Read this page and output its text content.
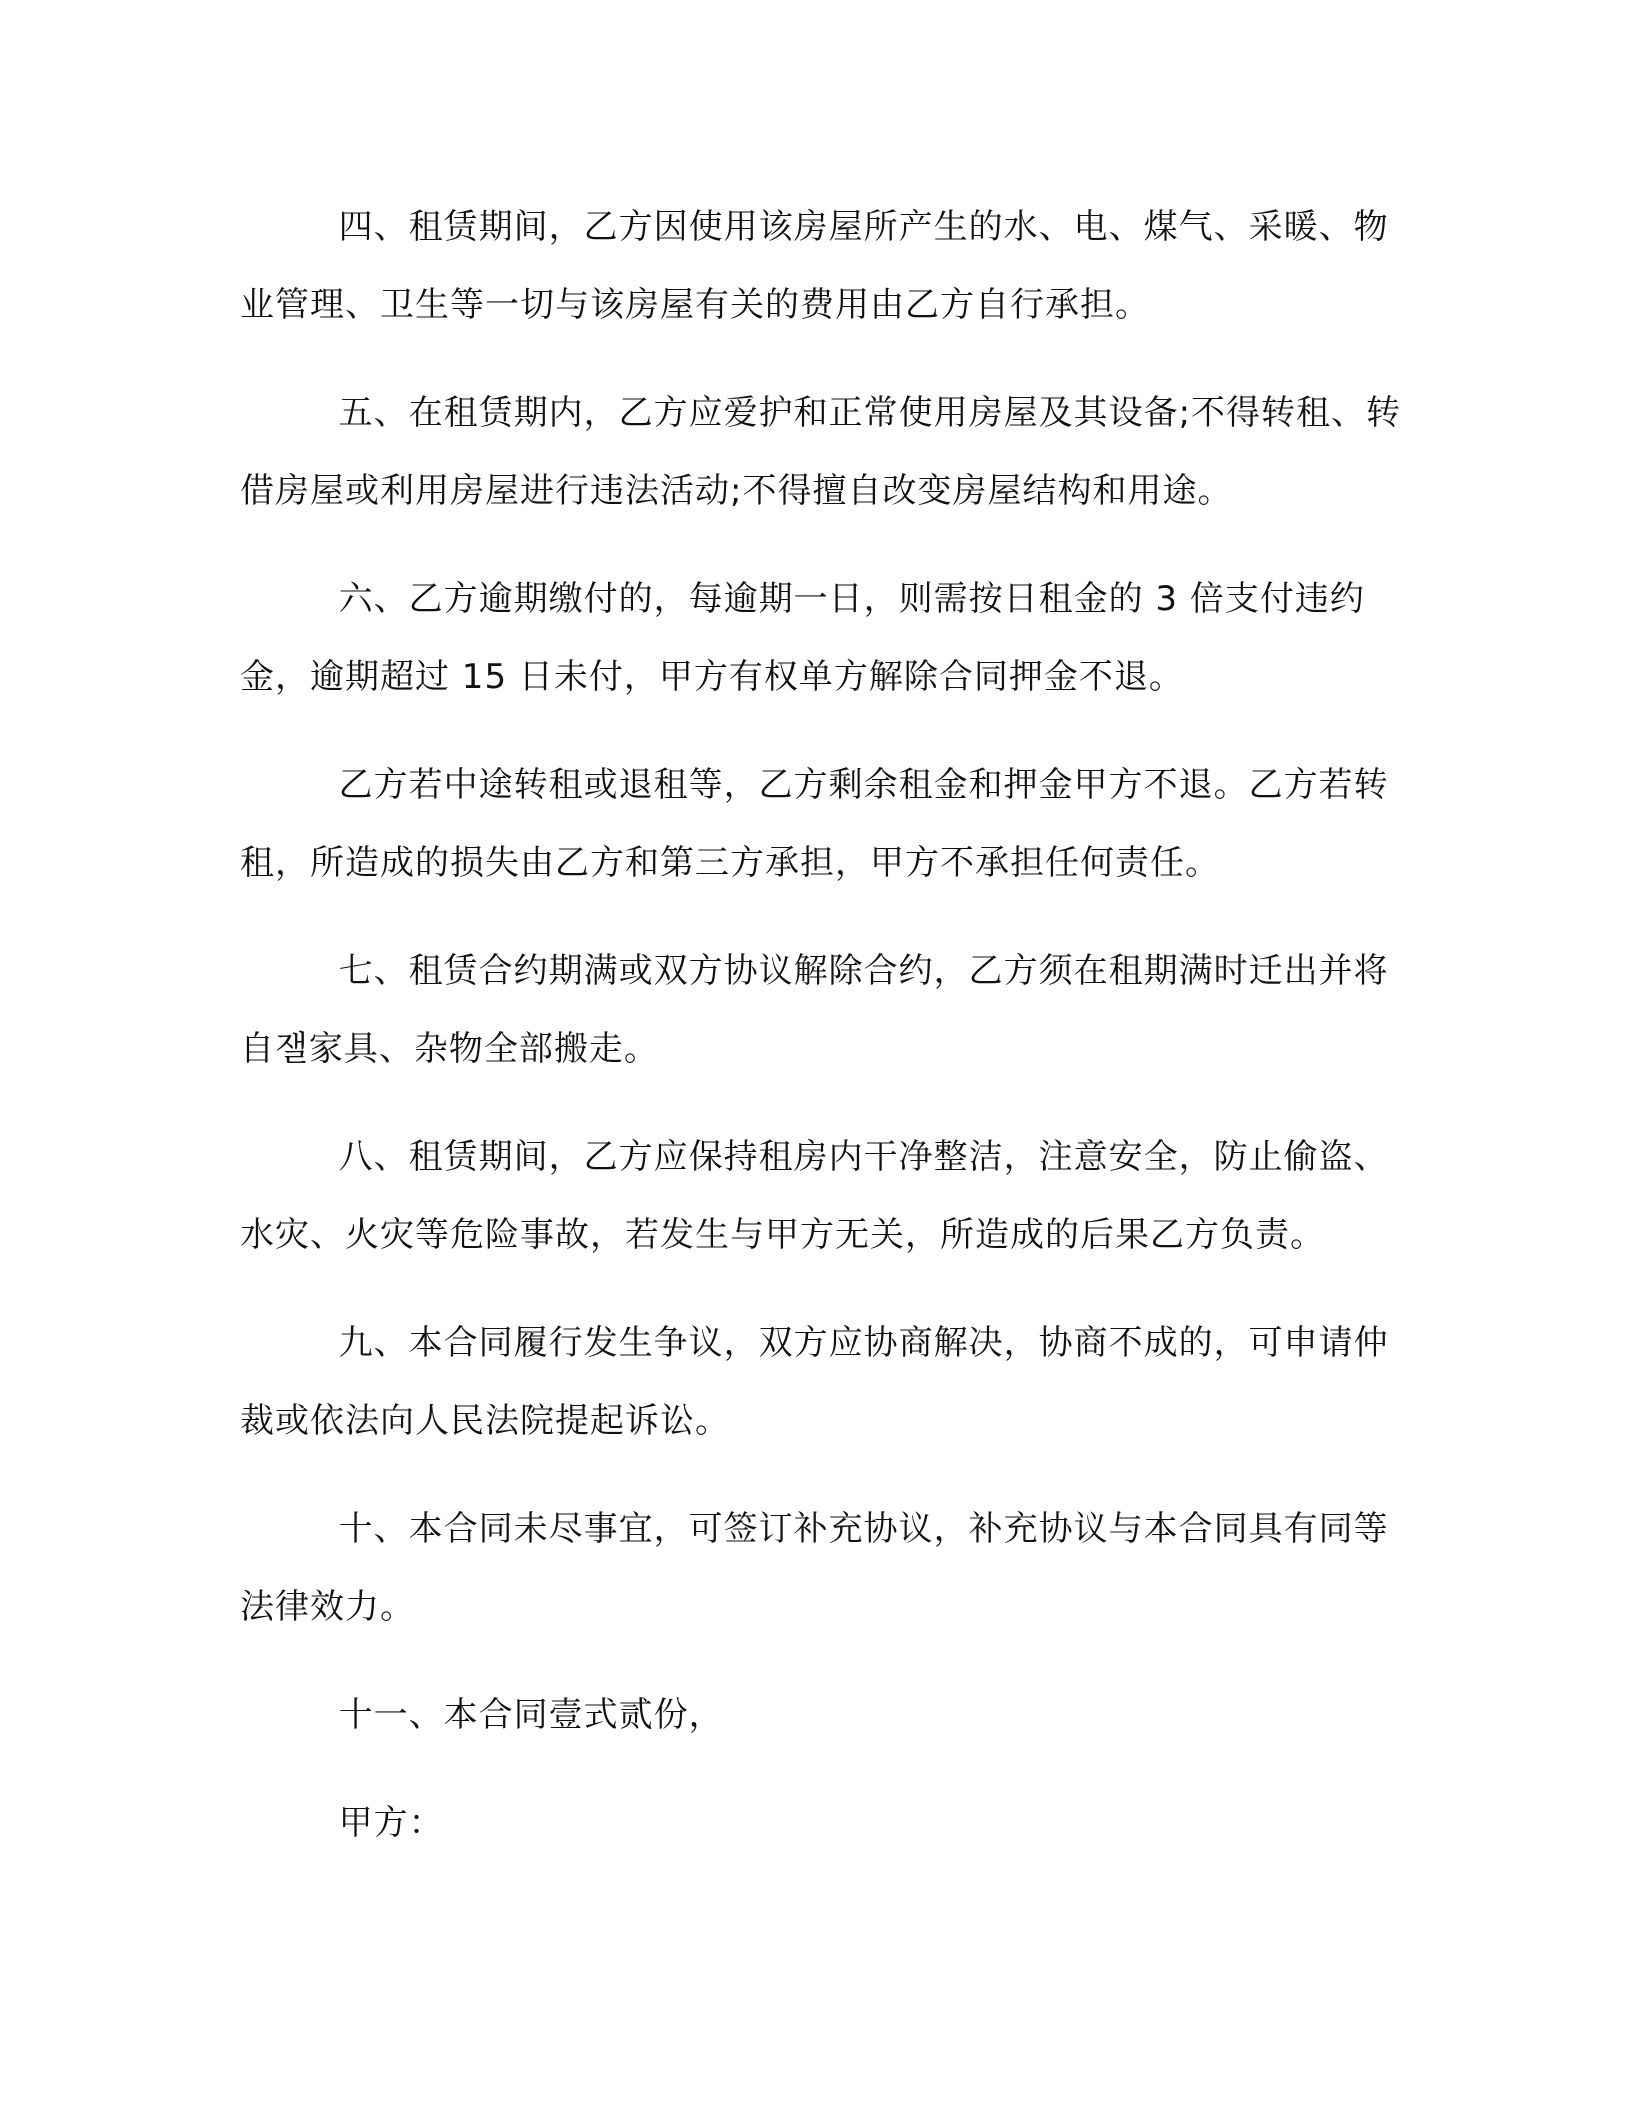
四、租赁期间，乙方因使用该房屋所产生的水、电、煤气、采暖、物业管理、卫生等一切与该房屋有关的费用由乙方自行承担。

五、在租赁期内，乙方应爱护和正常使用房屋及其设备;不得转租、转借房屋或利用房屋进行违法活动;不得擅自改变房屋结构和用途。

六、乙方逾期缴付的，每逾期一日，则需按日租金的 3 倍支付违约金，逾期超过 15 日未付，甲方有权单方解除合同押金不退。

乙方若中途转租或退租等，乙方剩余租金和押金甲方不退。乙方若转租，所造成的损失由乙方和第三方承担，甲方不承担任何责任。

七、租赁合约期满或双方协议解除合约，乙方须在租期满时迁出并将自잴家具、杂物全部搬走。

八、租赁期间，乙方应保持租房内干净整洁，注意安全，防止偷盗、水灾、火灾等危险事故，若发生与甲方无关，所造成的后果乙方负责。

九、本合同履行发生争议，双方应协商解决，协商不成的，可申请仲裁或依法向人民法院提起诉讼。

十、本合同未尽事宜，可签订补充协议，补充协议与本合同具有同等法律效力。

十一、本合同壹式贰份，

甲方：
